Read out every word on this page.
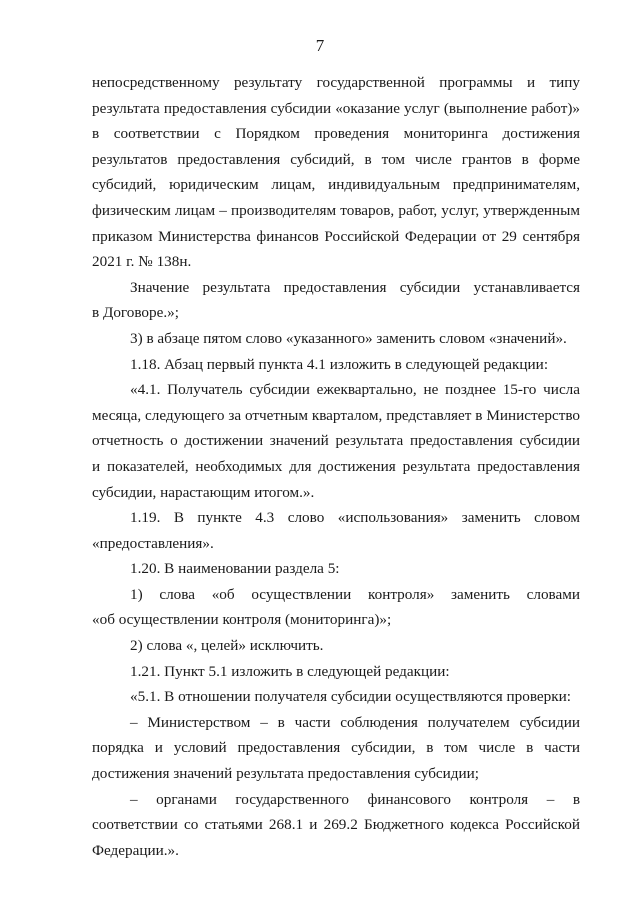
7
непосредственному результату государственной программы и типу
результата предоставления субсидии «оказание услуг (выполнение работ)»
в соответствии с Порядком проведения мониторинга достижения
результатов предоставления субсидий, в том числе грантов в форме
субсидий, юридическим лицам, индивидуальным предпринимателям,
физическим лицам – производителям товаров, работ, услуг, утвержденным
приказом Министерства финансов Российской Федерации от 29 сентября
2021 г. № 138н.
Значение результата предоставления субсидии устанавливается
в Договоре.»;
3) в абзаце пятом слово «указанного» заменить словом «значений».
1.18. Абзац первый пункта 4.1 изложить в следующей редакции:
«4.1. Получатель субсидии ежеквартально, не позднее 15-го числа
месяца, следующего за отчетным кварталом, представляет в Министерство
отчетность о достижении значений результата предоставления субсидии
и показателей, необходимых для достижения результата предоставления
субсидии, нарастающим итогом.».
1.19. В пункте 4.3 слово «использования» заменить словом
«предоставления».
1.20. В наименовании раздела 5:
1) слова «об осуществлении контроля» заменить словами
«об осуществлении контроля (мониторинга)»;
2) слова «, целей» исключить.
1.21. Пункт 5.1 изложить в следующей редакции:
«5.1. В отношении получателя субсидии осуществляются проверки:
– Министерством – в части соблюдения получателем субсидии
порядка и условий предоставления субсидии, в том числе в части
достижения значений результата предоставления субсидии;
– органами государственного финансового контроля – в
соответствии со статьями 268.1 и 269.2 Бюджетного кодекса Российской
Федерации.».
